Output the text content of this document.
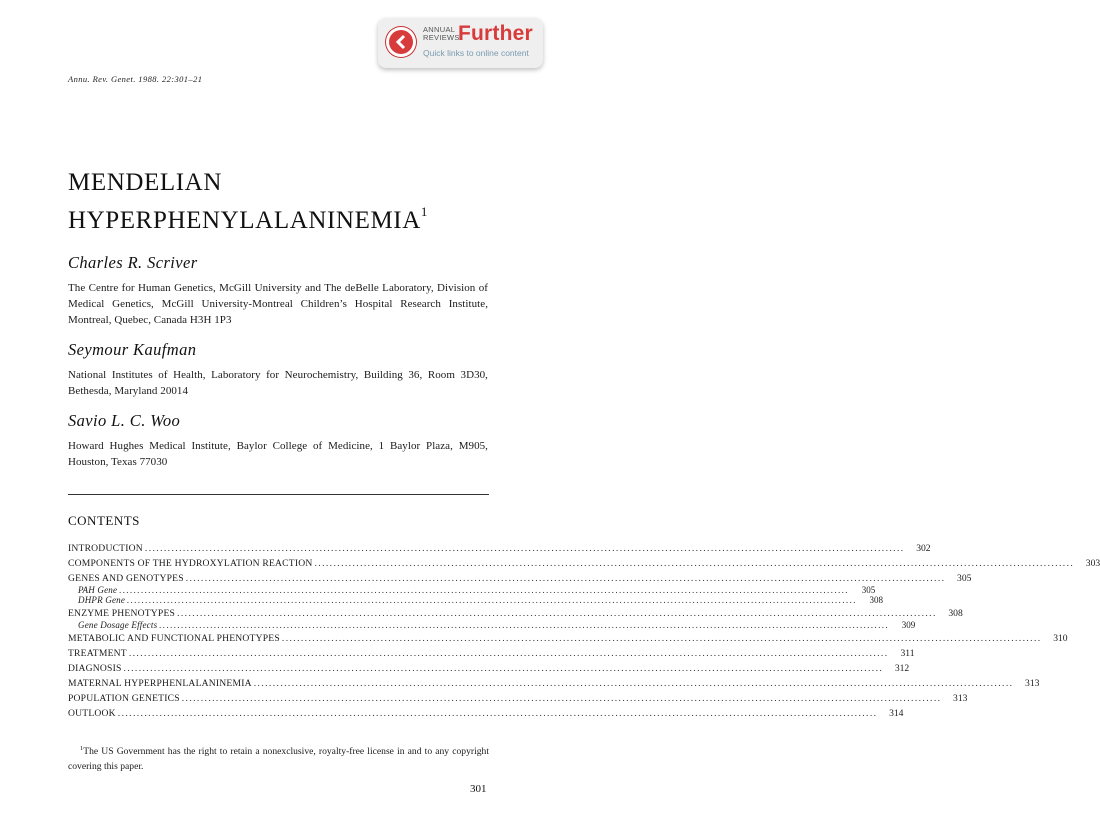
ANNUAL
REVIEWS
Further
Quick links to online content
Annu. Rev. Genet. 1988. 22:301–21
MENDELIAN
HYPERPHENYLALANINEMIA$^1$
Charles R. Scriver
The Centre for Human Genetics, McGill University and The deBelle Laboratory, Division of Medical Genetics, McGill University-Montreal Children’s Hospital Research Institute, Montreal, Quebec, Canada H3H 1P3
Seymour Kaufman
National Institutes of Health, Laboratory for Neurochemistry, Building 36, Room 3D30, Bethesda, Maryland 20014
Savio L. C. Woo
Howard Hughes Medical Institute, Baylor College of Medicine, 1 Baylor Plaza, M905, Houston, Texas 77030
CONTENTS
INTRODUCTION ........................................................................................................................................................................................................	302
COMPONENTS OF THE HYDROXYLATION REACTION ........................................................................................................................................................................................................	303
GENES AND GENOTYPES ........................................................................................................................................................................................................	305
PAH Gene ........................................................................................................................................................................................................	305
DHPR Gene ........................................................................................................................................................................................................	308
ENZYME PHENOTYPES ........................................................................................................................................................................................................	308
Gene Dosage Effects ........................................................................................................................................................................................................	309
METABOLIC AND FUNCTIONAL PHENOTYPES ........................................................................................................................................................................................................	310
TREATMENT ........................................................................................................................................................................................................	311
DIAGNOSIS ........................................................................................................................................................................................................	312
MATERNAL HYPERPHENLALANINEMIA ........................................................................................................................................................................................................	313
POPULATION GENETICS ........................................................................................................................................................................................................	313
OUTLOOK ........................................................................................................................................................................................................	314
$^1$The US Government has the right to retain a nonexclusive, royalty-free license in and to any copyright covering this paper.
301
